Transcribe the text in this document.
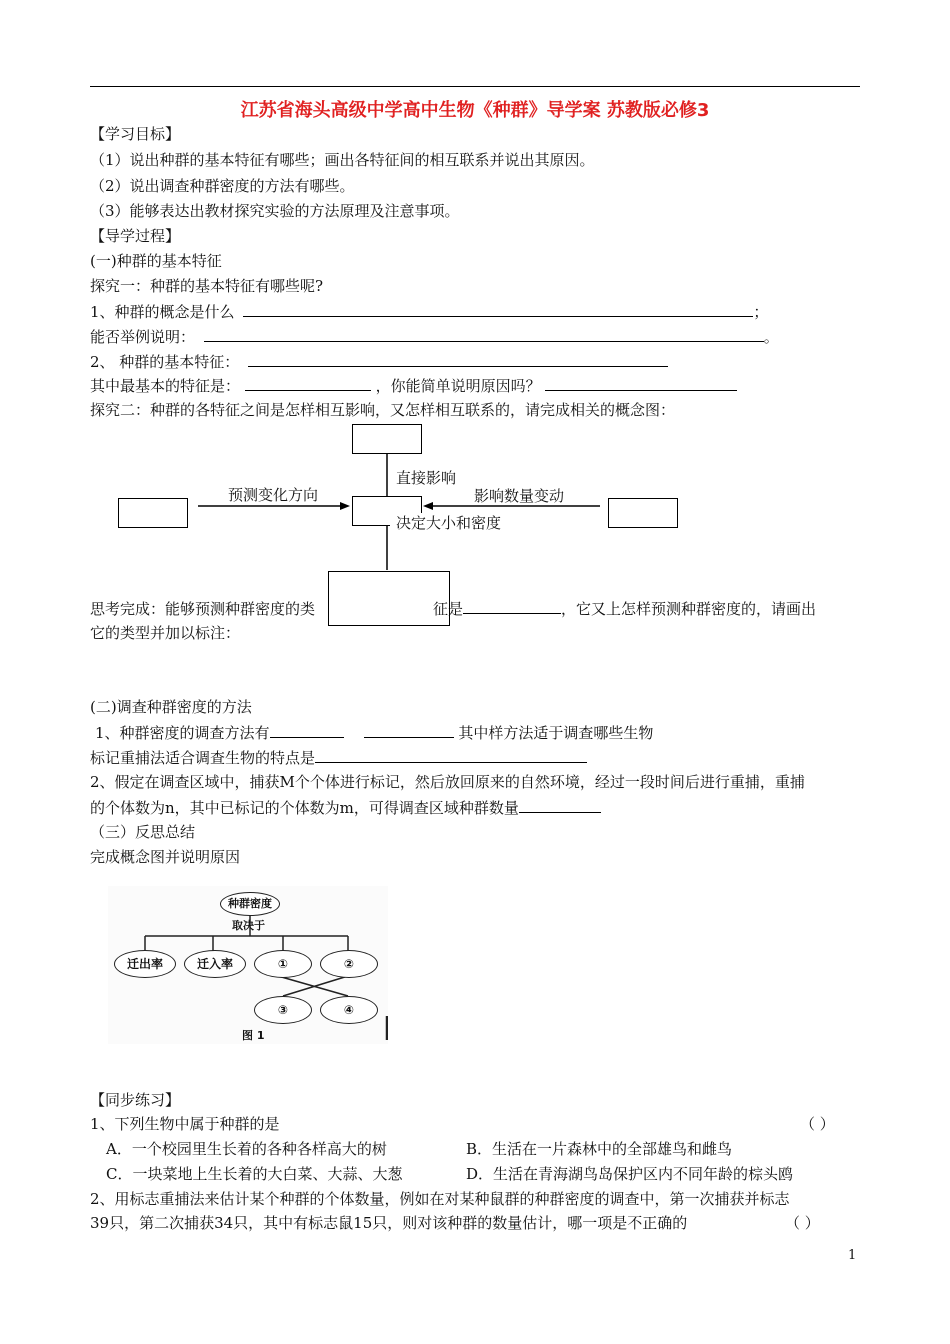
江苏省海头高级中学高中生物《种群》导学案 苏教版必修3
【学习目标】
（1）说出种群的基本特征有哪些；画出各特征间的相互联系并说出其原因。
（2）说出调查种群密度的方法有哪些。
（3）能够表达出教材探究实验的方法原理及注意事项。
【导学过程】
(一)种群的基本特征
探究一：种群的基本特征有哪些呢?
1、种群的概念是什么	；
能否举例说明：	。
2、 种群的基本特征：
其中最基本的特征是：	，你能简单说明原因吗？
探究二：种群的各特征之间是怎样相互影响，又怎样相互联系的，请完成相关的概念图：
直接影响
预测变化方向	影响数量变动
决定大小和密度
思考完成：能够预测种群密度的类	征是	，它又上怎样预测种群密度的，请画出
它的类型并加以标注：
(二)调查种群密度的方法
1、种群密度的调查方法有	其中样方法适于调查哪些生物
标记重捕法适合调查生物的特点是
2、假定在调查区域中，捕获M个个体进行标记，然后放回原来的自然环境，经过一段时间后进行重捕，重捕
的个体数为n，其中已标记的个体数为m，可得调查区域种群数量
（三）反思总结
完成概念图并说明原因
种群密度
取决于
迁出率	迁入率	①	②
③	④
图 1
【同步练习】
1、下列生物中属于种群的是	（ ）
A．一个校园里生长着的各种各样高大的树	B．生活在一片森林中的全部雄鸟和雌鸟
C．一块菜地上生长着的大白菜、大蒜、大葱	D．生活在青海湖鸟岛保护区内不同年龄的棕头鸥
2、用标志重捕法来估计某个种群的个体数量，例如在对某种鼠群的种群密度的调查中，第一次捕获并标志
39只，第二次捕获34只，其中有标志鼠15只，则对该种群的数量估计，哪一项是不正确的	（ ）
1
